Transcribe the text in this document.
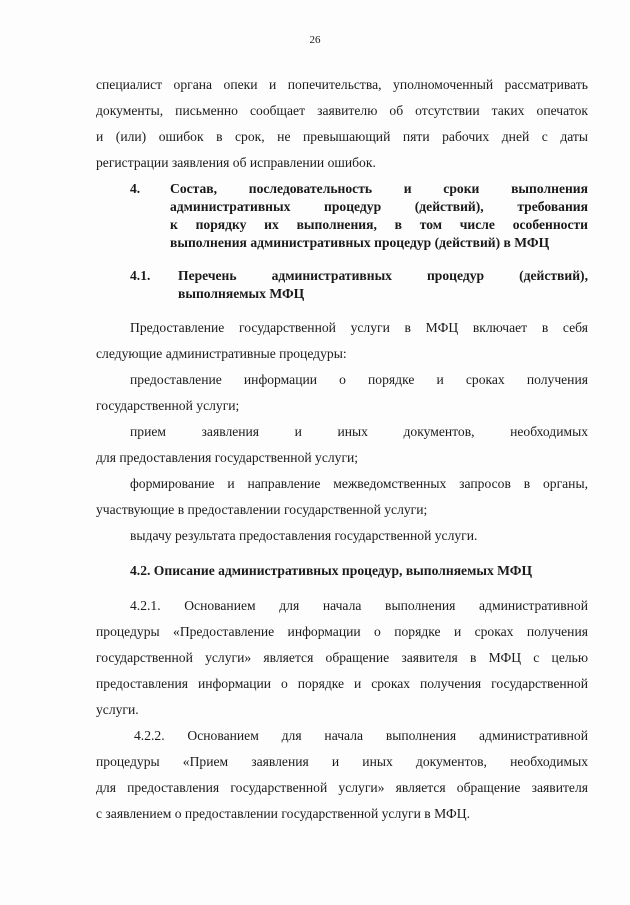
26
специалист органа опеки и попечительства, уполномоченный рассматривать
документы, письменно сообщает заявителю об отсутствии таких опечаток
и (или) ошибок в срок, не превышающий пяти рабочих дней с даты
регистрации заявления об исправлении ошибок.
4. Состав, последовательность и сроки выполнения
административных процедур (действий), требования
к порядку их выполнения, в том числе особенности
выполнения административных процедур (действий) в МФЦ
4.1. Перечень административных процедур (действий),
выполняемых МФЦ
Предоставление государственной услуги в МФЦ включает в себя
следующие административные процедуры:
предоставление информации о порядке и сроках получения
государственной услуги;
прием заявления и иных документов, необходимых
для предоставления государственной услуги;
формирование и направление межведомственных запросов в органы,
участвующие в предоставлении государственной услуги;
выдачу результата предоставления государственной услуги.
4.2. Описание административных процедур, выполняемых МФЦ
4.2.1. Основанием для начала выполнения административной
процедуры «Предоставление информации о порядке и сроках получения
государственной услуги» является обращение заявителя в МФЦ с целью
предоставления информации о порядке и сроках получения государственной
услуги.
4.2.2. Основанием для начала выполнения административной
процедуры «Прием заявления и иных документов, необходимых
для предоставления государственной услуги» является обращение заявителя
с заявлением о предоставлении государственной услуги в МФЦ.
